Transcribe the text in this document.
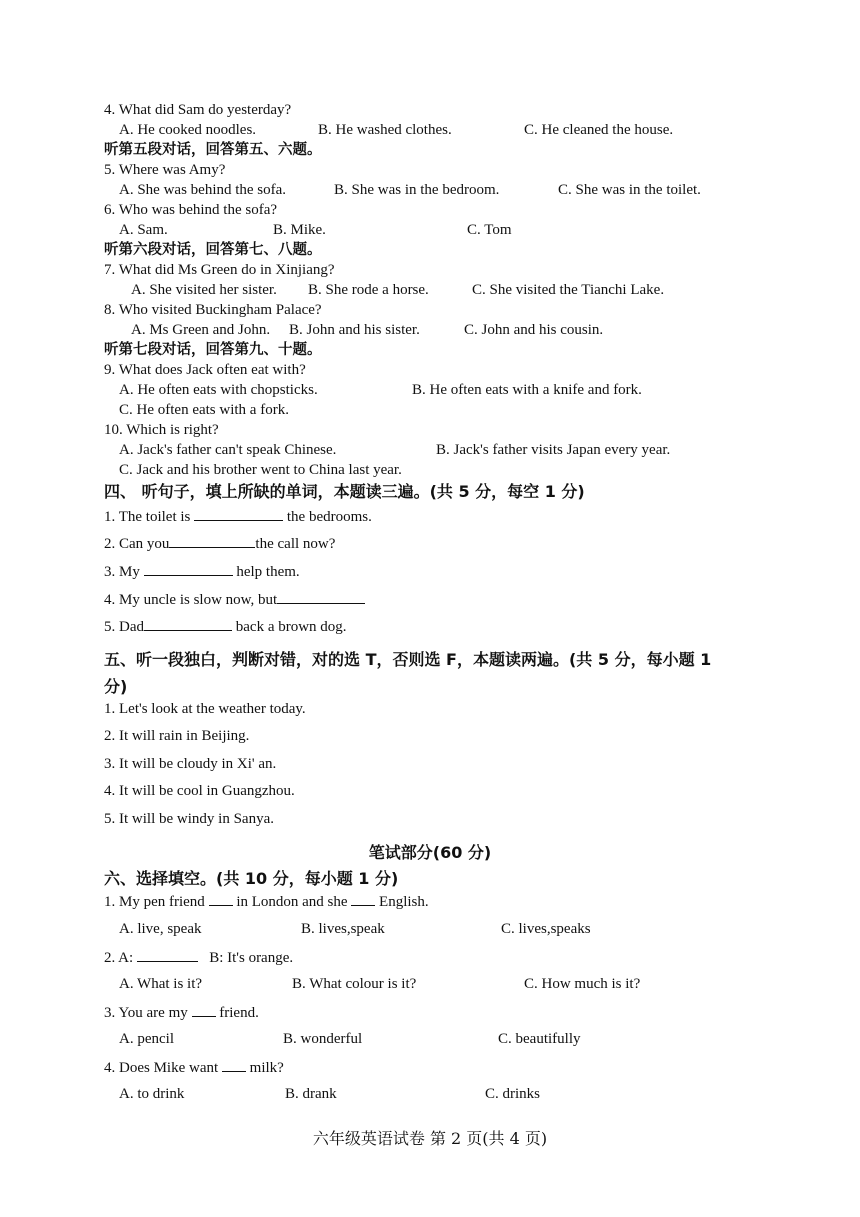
4. What did Sam do yesterday?
A. He cooked noodles.	B. He washed clothes.	C. He cleaned the house.
听第五段对话，回答第五、六题。
5. Where was Amy?
A. She was behind the sofa.	B. She was in the bedroom.	C. She was in the toilet.
6. Who was behind the sofa?
A. Sam.	B. Mike.	C. Tom
听第六段对话，回答第七、八题。
7. What did Ms Green do in Xinjiang?
A. She visited her sister. B. She rode a horse.	C. She visited the Tianchi Lake.
8. Who visited Buckingham Palace?
A. Ms Green and John. B. John and his sister.	C. John and his cousin.
听第七段对话，回答第九、十题。
9. What does Jack often eat with?
A. He often eats with chopsticks.	B. He often eats with a knife and fork.
C. He often eats with a fork.
10. Which is right?
A. Jack's father can't speak Chinese.	B. Jack's father visits Japan every year.
C. Jack and his brother went to China last year.
四、 听句子，填上所缺的单词，本题读三遍。(共 5 分，每空 1 分)
1. The toilet is	the bedrooms.
2. Can you	the call now?
3. My	help them.
4. My uncle is slow now, but
5. Dad	back a brown dog.
五、听一段独白，判断对错，对的选 T，否则选 F，本题读两遍。(共 5 分，每小题 1
分)
1. Let's look at the weather today.
2. It will rain in Beijing.
3. It will be cloudy in Xi' an.
4. It will be cool in Guangzhou.
5. It will be windy in Sanya.
笔试部分(60 分)
六、选择填空。(共 10 分，每小题 1 分)
1. My pen friend in London and she English.
A. live, speak	B. lives,speak	C. lives,speaks
2. A:	B: It's orange.
A. What is it?	B. What colour is it?	C. How much is it?
3. You are my friend.
A. pencil	B. wonderful	C. beautifully
4. Does Mike want milk?
A. to drink	B. drank	C. drinks
六年级英语试卷 第 2 页(共 4 页)
